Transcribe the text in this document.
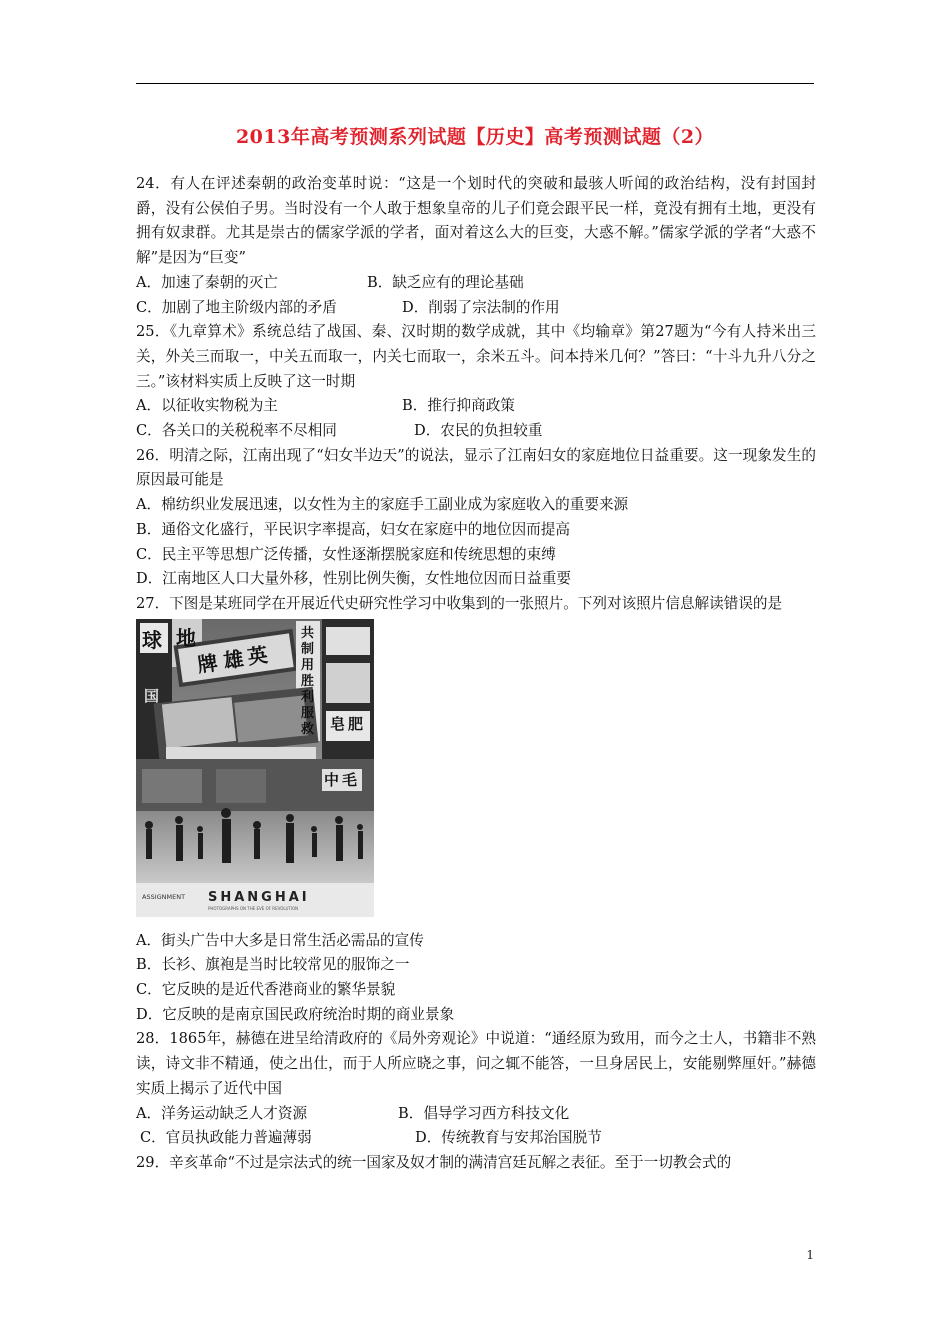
2013年高考预测系列试题【历史】高考预测试题（2）

24．有人在评述秦朝的政治变革时说：“这是一个划时代的突破和最骇人听闻的政治结构，没有封国封爵，没有公侯伯子男。当时没有一个人敢于想象皇帝的儿子们竟会跟平民一样，竟没有拥有土地，更没有拥有奴隶群。尤其是崇古的儒家学派的学者，面对着这么大的巨变，大惑不解。”儒家学派的学者“大惑不解”是因为“巨变”

A．加速了秦朝的灭亡	B．缺乏应有的理论基础

C．加剧了地主阶级内部的矛盾	D．削弱了宗法制的作用

25．《九章算术》系统总结了战国、秦、汉时期的数学成就，其中《均输章》第27题为“今有人持米出三关，外关三而取一，中关五而取一，内关七而取一，余米五斗。问本持米几何？”答曰：“十斗九升八分之三。”该材料实质上反映了这一时期

A．以征收实物税为主	B．推行抑商政策

C．各关口的关税税率不尽相同	D．农民的负担较重

26．明清之际，江南出现了“妇女半边天”的说法，显示了江南妇女的家庭地位日益重要。这一现象发生的原因最可能是

A．棉纺织业发展迅速，以女性为主的家庭手工副业成为家庭收入的重要来源

B．通俗文化盛行，平民识字率提高，妇女在家庭中的地位因而提高

C．民主平等思想广泛传播，女性逐渐摆脱家庭和传统思想的束缚

D．江南地区人口大量外移，性别比例失衡，女性地位因而日益重要

27．下图是某班同学在开展近代史研究性学习中收集到的一张照片。下列对该照片信息解读错误的是

球 地
英
雄
牌
共
制
用
胜
利
服
救 皂 肥
中 毛
国
ASSIGNMENT SHANGHAI
PHOTOGRAPHS ON THE EVE OF REVOLUTION

A．街头广告中大多是日常生活必需品的宣传

B．长衫、旗袍是当时比较常见的服饰之一

C．它反映的是近代香港商业的繁华景貌

D．它反映的是南京国民政府统治时期的商业景象

28．1865年，赫德在进呈给清政府的《局外旁观论》中说道：“通经原为致用，而今之士人，书籍非不熟读，诗文非不精通，使之出仕，而于人所应晓之事，问之辄不能答，一旦身居民上，安能剔弊厘奸。”赫德实质上揭示了近代中国

A．洋务运动缺乏人才资源	B．倡导学习西方科技文化

C．官员执政能力普遍薄弱	D．传统教育与安邦治国脱节

29．辛亥革命“不过是宗法式的统一国家及奴才制的满清宫廷瓦解之表征。至于一切教会式的

1
